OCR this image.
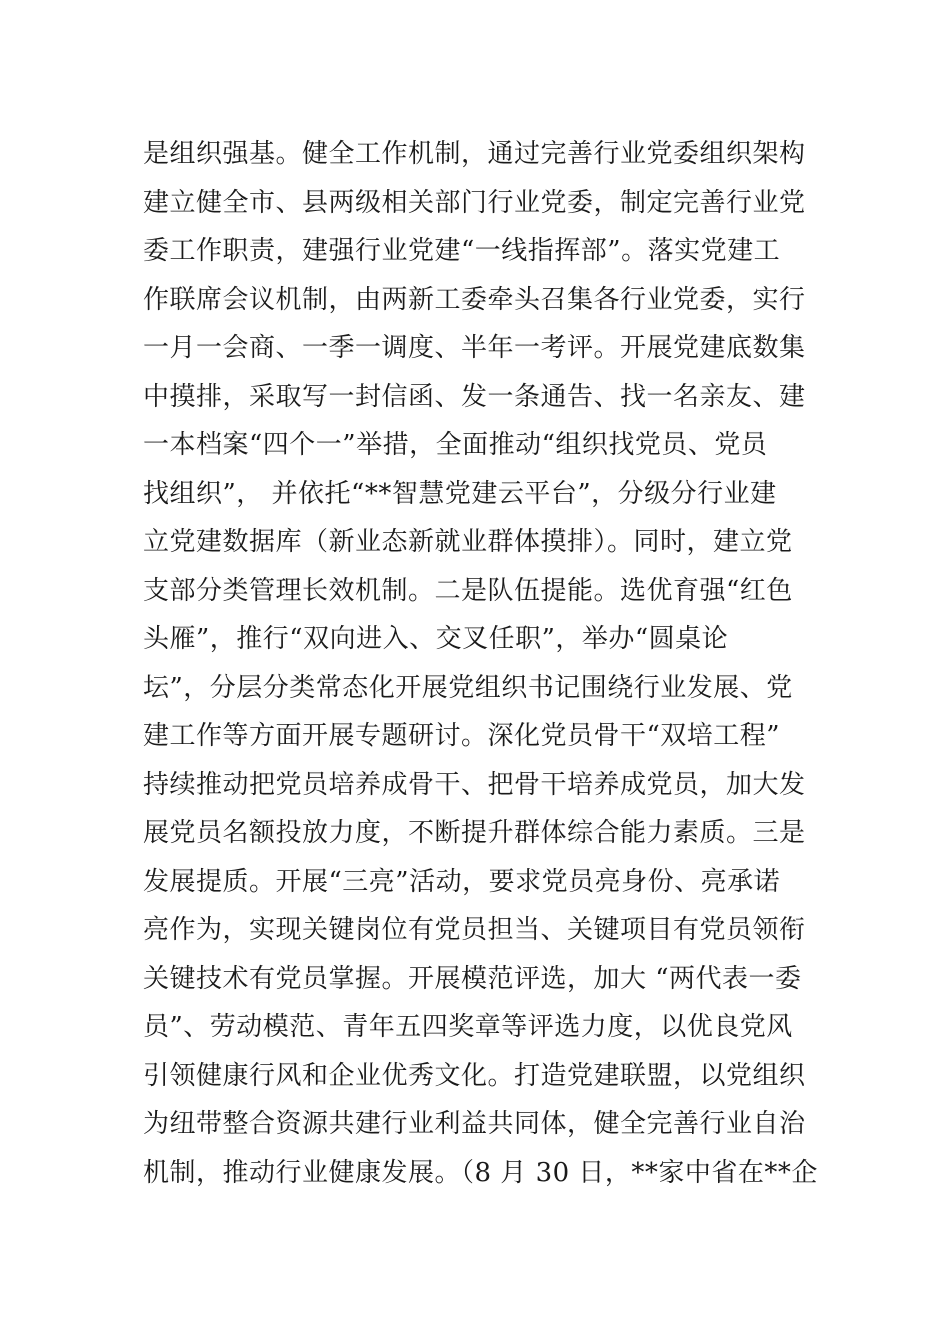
是组织强基。健全工作机制，通过完善行业党委组织架构
建立健全市、县两级相关部门行业党委，制定完善行业党
委工作职责，建强行业党建“一线指挥部”。落实党建工
作联席会议机制，由两新工委牵头召集各行业党委，实行
一月一会商、一季一调度、半年一考评。开展党建底数集
中摸排，采取写一封信函、发一条通告、找一名亲友、建
一本档案“四个一”举措，全面推动“组织找党员、党员
找组织”， 并依托“**智慧党建云平台”，分级分行业建
立党建数据库（新业态新就业群体摸排）。同时，建立党
支部分类管理长效机制。二是队伍提能。选优育强“红色
头雁”，推行“双向进入、交叉任职”，举办“圆桌论
坛”，分层分类常态化开展党组织书记围绕行业发展、党
建工作等方面开展专题研讨。深化党员骨干“双培工程”
持续推动把党员培养成骨干、把骨干培养成党员，加大发
展党员名额投放力度，不断提升群体综合能力素质。三是
发展提质。开展“三亮”活动，要求党员亮身份、亮承诺
亮作为，实现关键岗位有党员担当、关键项目有党员领衔
关键技术有党员掌握。开展模范评选，加大 “两代表一委
员”、劳动模范、青年五四奖章等评选力度，以优良党风
引领健康行风和企业优秀文化。打造党建联盟，以党组织
为纽带整合资源共建行业利益共同体，健全完善行业自治
机制，推动行业健康发展。（8 月 30 日，**家中省在**企
